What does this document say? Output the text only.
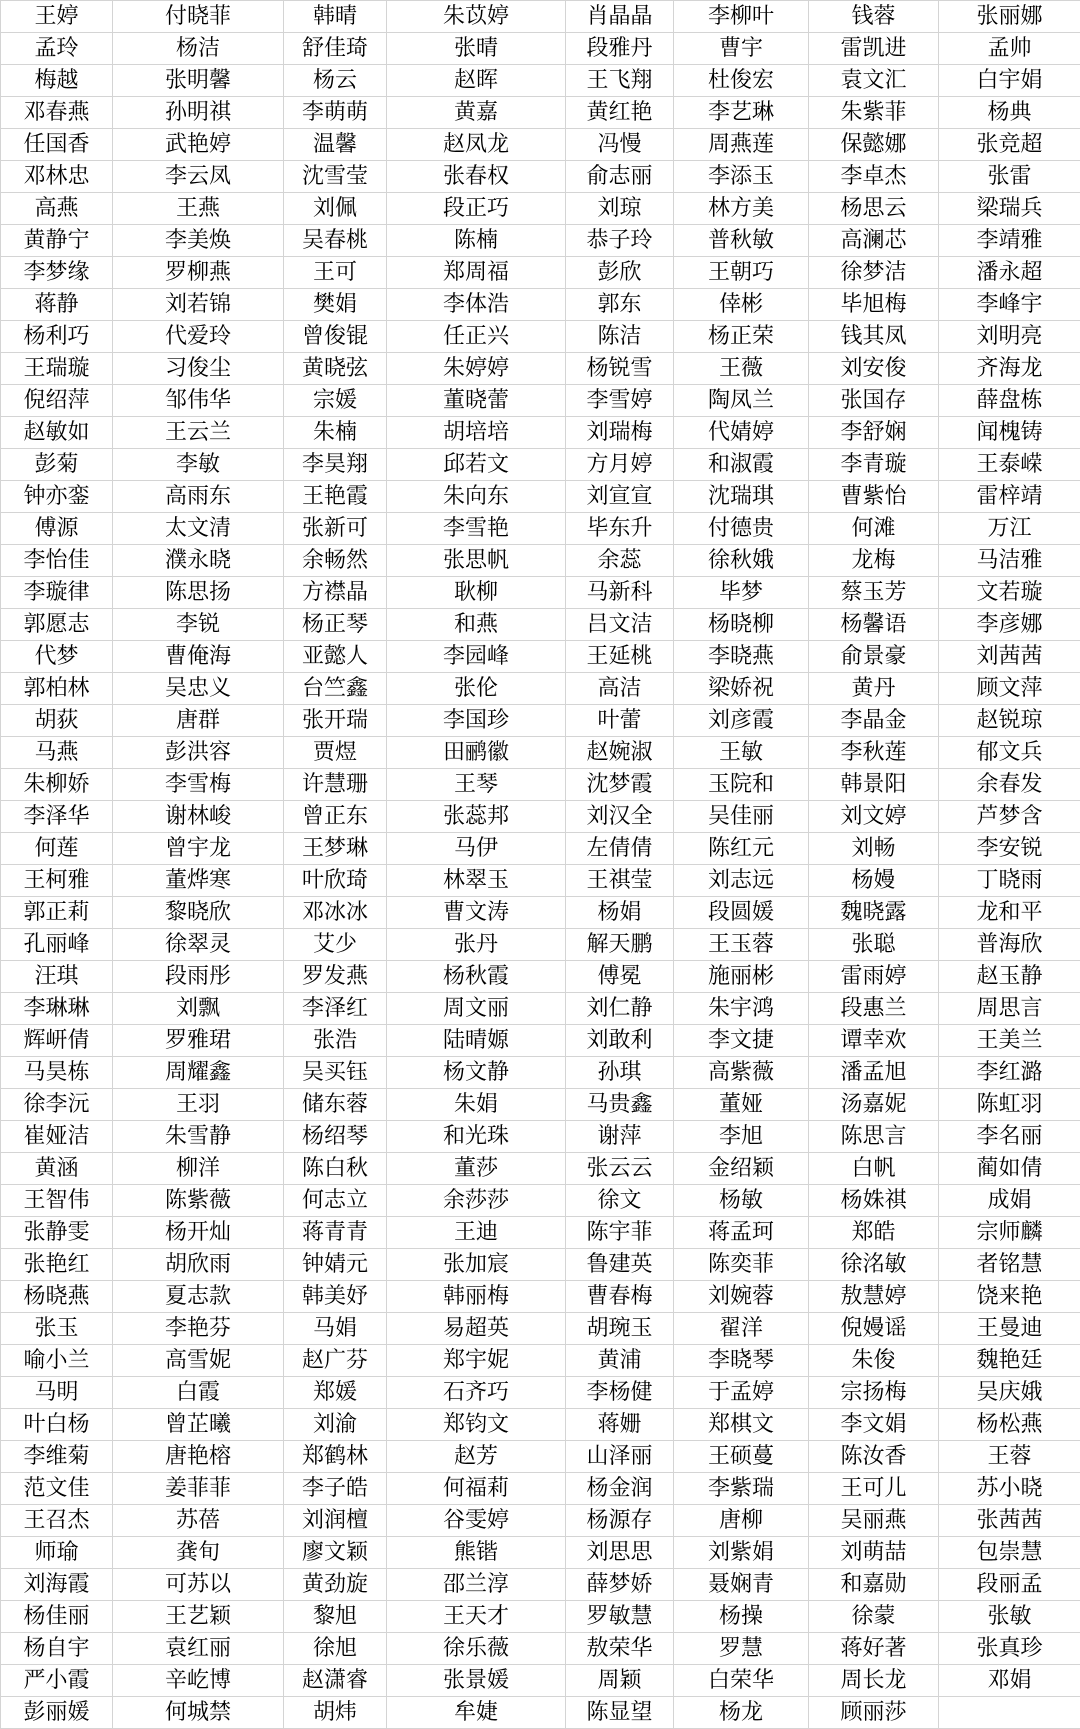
王婷	付晓菲	韩晴	朱苡婷	肖晶晶	李柳叶	钱蓉	张丽娜
孟玲	杨洁	舒佳琦	张晴	段雅丹	曹宇	雷凯进	孟帅
梅越	张明馨	杨云	赵晖	王飞翔	杜俊宏	袁文汇	白宇娟
邓春燕	孙明祺	李萌萌	黄嘉	黄红艳	李艺琳	朱紫菲	杨典
任国香	武艳婷	温馨	赵凤龙	冯慢	周燕莲	保懿娜	张竞超
邓林忠	李云凤	沈雪莹	张春权	俞志丽	李添玉	李卓杰	张雷
高燕	王燕	刘佩	段正巧	刘琼	林方美	杨思云	梁瑞兵
黄静宁	李美焕	吴春桃	陈楠	恭子玲	普秋敏	高澜芯	李靖雅
李梦缘	罗柳燕	王可	郑周福	彭欣	王朝巧	徐梦洁	潘永超
蒋静	刘若锦	樊娟	李体浩	郭东	倖彬	毕旭梅	李峰宇
杨利巧	代爱玲	曾俊锟	任正兴	陈洁	杨正荣	钱其凤	刘明亮
王瑞璇	习俊尘	黄晓弦	朱婷婷	杨锐雪	王薇	刘安俊	齐海龙
倪绍萍	邹伟华	宗媛	董晓蕾	李雪婷	陶凤兰	张国存	薛盘栋
赵敏如	王云兰	朱楠	胡培培	刘瑞梅	代婧婷	李舒娴	闻槐铸
彭菊	李敏	李昊翔	邱若文	方月婷	和淑霞	李青璇	王泰嵘
钟亦銮	高雨东	王艳霞	朱向东	刘宣宣	沈瑞琪	曹紫怡	雷梓靖
傅源	太文清	张新可	李雪艳	毕东升	付德贵	何滩	万江
李怡佳	濮永晓	余畅然	张思帆	余蕊	徐秋娥	龙梅	马洁雅
李璇律	陈思扬	方襟晶	耿柳	马新科	毕梦	蔡玉芳	文若璇
郭愿志	李锐	杨正琴	和燕	吕文洁	杨晓柳	杨馨语	李彦娜
代梦	曹俺海	亚懿人	李园峰	王延桃	李晓燕	俞景豪	刘茜茜
郭柏林	吴忠义	台竺鑫	张伦	高洁	梁娇祝	黄丹	顾文萍
胡荻	唐群	张开瑞	李国珍	叶蕾	刘彦霞	李晶金	赵锐琼
马燕	彭洪容	贾煜	田鹂徽	赵婉淑	王敏	李秋莲	郁文兵
朱柳娇	李雪梅	许慧珊	王琴	沈梦霞	玉院和	韩景阳	余春发
李泽华	谢林峻	曾正东	张蕊邦	刘汉全	吴佳丽	刘文婷	芦梦含
何莲	曾宇龙	王梦琳	马伊	左倩倩	陈红元	刘畅	李安锐
王柯雅	董烨寒	叶欣琦	林翠玉	王祺莹	刘志远	杨嫚	丁晓雨
郭正莉	黎晓欣	邓冰冰	曹文涛	杨娟	段圆媛	魏晓露	龙和平
孔丽峰	徐翠灵	艾少	张丹	解天鹏	王玉蓉	张聪	普海欣
汪琪	段雨彤	罗发燕	杨秋霞	傅冕	施丽彬	雷雨婷	赵玉静
李琳琳	刘飘	李泽红	周文丽	刘仁静	朱宇鸿	段惠兰	周思言
辉岍倩	罗雅珺	张浩	陆晴嫄	刘敢利	李文捷	谭幸欢	王美兰
马昊栋	周耀鑫	吴买钰	杨文静	孙琪	高紫薇	潘孟旭	李红潞
徐李沅	王羽	储东蓉	朱娟	马贵鑫	董娅	汤嘉妮	陈虹羽
崔娅洁	朱雪静	杨绍琴	和光珠	谢萍	李旭	陈思言	李名丽
黄涵	柳洋	陈白秋	董莎	张云云	金绍颖	白帆	蔺如倩
王智伟	陈紫薇	何志立	余莎莎	徐文	杨敏	杨姝祺	成娟
张静雯	杨开灿	蒋青青	王迪	陈宇菲	蒋孟珂	郑皓	宗师麟
张艳红	胡欣雨	钟婧元	张加宸	鲁建英	陈奕菲	徐洺敏	者铭慧
杨晓燕	夏志款	韩美妤	韩丽梅	曹春梅	刘婉蓉	敖慧婷	饶来艳
张玉	李艳芬	马娟	易超英	胡琬玉	翟洋	倪嫚谣	王曼迪
喻小兰	高雪妮	赵广芬	郑宇妮	黄浦	李晓琴	朱俊	魏艳廷
马明	白霞	郑媛	石齐巧	李杨健	于孟婷	宗扬梅	吴庆娥
叶白杨	曾芷曦	刘渝	郑钧文	蒋姗	郑棋文	李文娟	杨松燕
李维菊	唐艳榕	郑鹤林	赵芳	山泽丽	王硕蔓	陈汝香	王蓉
范文佳	姜菲菲	李子皓	何福莉	杨金润	李紫瑞	王可儿	苏小晓
王召杰	苏蓓	刘润檀	谷雯婷	杨源存	唐柳	吴丽燕	张茜茜
师瑜	龚旬	廖文颖	熊锴	刘思思	刘紫娟	刘萌喆	包崇慧
刘海霞	可苏以	黄劲旋	邵兰淳	薛梦娇	聂娴青	和嘉勋	段丽孟
杨佳丽	王艺颖	黎旭	王天才	罗敏慧	杨操	徐蒙	张敏
杨自宇	袁红丽	徐旭	徐乐薇	敖荣华	罗慧	蒋好著	张真珍
严小霞	辛屹博	赵潇睿	张景媛	周颖	白荣华	周长龙	邓娟
彭丽媛	何城禁	胡炜	牟婕	陈显望	杨龙	顾丽莎	
